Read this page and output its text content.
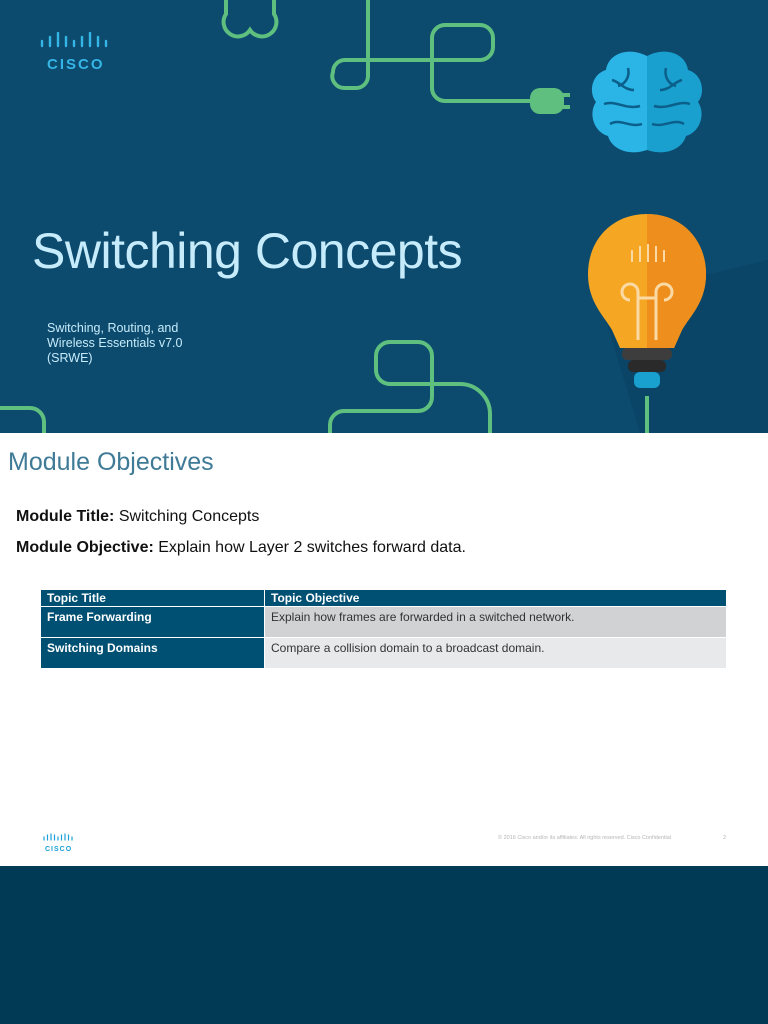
CISCO
Switching Concepts
Switching, Routing, and Wireless Essentials v7.0 (SRWE)
Module Objectives
Module Title: Switching Concepts
Module Objective: Explain how Layer 2 switches forward data.
Topic Title	Topic Objective
Frame Forwarding	Explain how frames are forwarded in a switched network.
Switching Domains	Compare a collision domain to a broadcast domain.
CISCO
© 2016 Cisco and/or its affiliates. All rights reserved. Cisco Confidential	2
